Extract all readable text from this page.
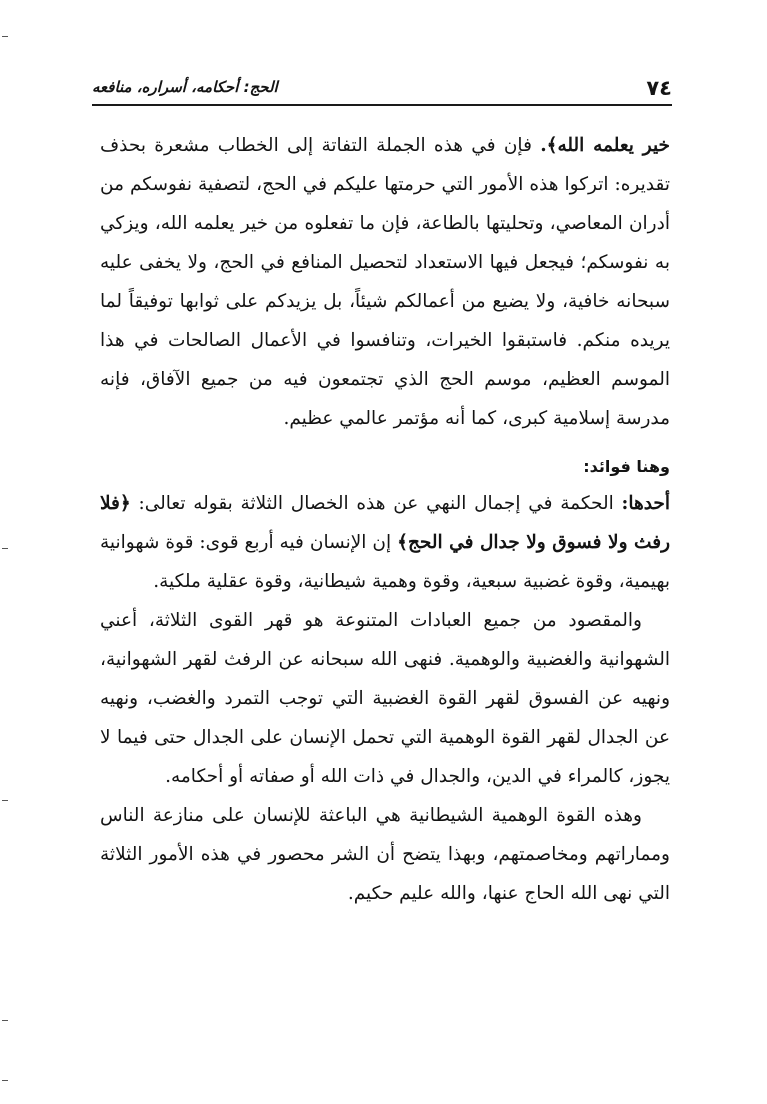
٧٤
الحج: أحكامه، أسراره، منافعه

خير يعلمه الله﴾. فإن في هذه الجملة التفاتة إلى الخطاب مشعرة بحذف تقديره: اتركوا هذه الأمور التي حرمتها عليكم في الحج، لتصفية نفوسكم من أدران المعاصي، وتحليتها بالطاعة، فإن ما تفعلوه من خير يعلمه الله، ويزكي به نفوسكم؛ فيجعل فيها الاستعداد لتحصيل المنافع في الحج، ولا يخفى عليه سبحانه خافية، ولا يضيع من أعمالكم شيئاً، بل يزيدكم على ثوابها توفيقاً لما يريده منكم. فاستبقوا الخيرات، وتنافسوا في الأعمال الصالحات في هذا الموسم العظيم، موسم الحج الذي تجتمعون فيه من جميع الآفاق، فإنه مدرسة إسلامية كبرى، كما أنه مؤتمر عالمي عظيم.

وهنا فوائد:

أحدها: الحكمة في إجمال النهي عن هذه الخصال الثلاثة بقوله تعالى: ﴿فلا رفث ولا فسوق ولا جدال في الحج﴾ إن الإنسان فيه أربع قوى: قوة شهوانية بهيمية، وقوة غضبية سبعية، وقوة وهمية شيطانية، وقوة عقلية ملكية.

والمقصود من جميع العبادات المتنوعة هو قهر القوى الثلاثة، أعني الشهوانية والغضبية والوهمية. فنهى الله سبحانه عن الرفث لقهر الشهوانية، ونهيه عن الفسوق لقهر القوة الغضبية التي توجب التمرد والغضب، ونهيه عن الجدال لقهر القوة الوهمية التي تحمل الإنسان على الجدال حتى فيما لا يجوز، كالمراء في الدين، والجدال في ذات الله أو صفاته أو أحكامه.

وهذه القوة الوهمية الشيطانية هي الباعثة للإنسان على منازعة الناس ومماراتهم ومخاصمتهم، وبهذا يتضح أن الشر محصور في هذه الأمور الثلاثة التي نهى الله الحاج عنها، والله عليم حكيم.
